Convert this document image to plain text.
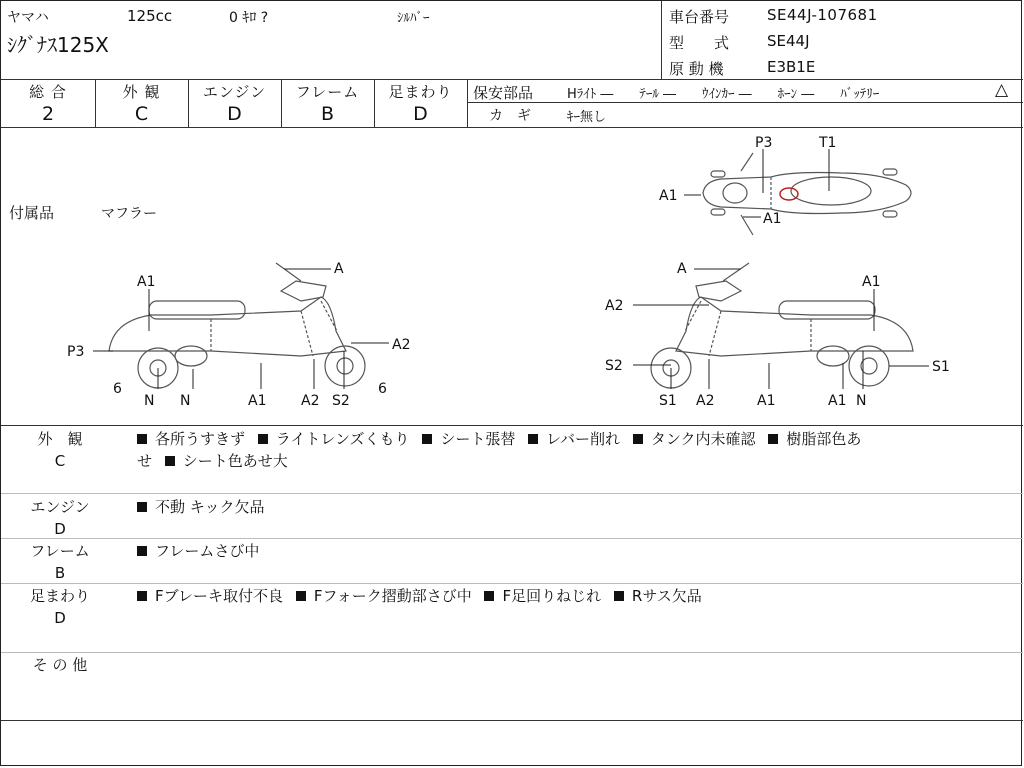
ヤマハ	125cc	0 ｷﾛ ?	ｼﾙﾊﾞｰ
ｼｸﾞﾅｽ125X
車台番号	SE44J-107681
型　　式	SE44J
原 動 機	E3B1E
総 合
2
外 観
C
エンジン
D
フレーム
B
足まわり
D
保安部品	Hﾗｲﾄ ―　　ﾃｰﾙ ―　　ｳｲﾝｶｰ ―　　ﾎｰﾝ ―　　ﾊﾞｯﾃﾘｰ	△
カ　ギ	ｷｰ無し
付属品	マフラー
P3	T1
A1
A1
A1
A
P3	A2
6	6
N N	A1 A2 S2
A
A1
A2
S2	S1
S1 A2	A1	A1 N
外　観
C
各所うすきず ライトレンズくもり シート張替 レバー削れ タンク内未確認 樹脂部色あ
せ シート色あせ大
エンジン
D
不動 キック欠品
フレーム
B
フレームさび中
足まわり
D
Fブレーキ取付不良 Fフォーク摺動部さび中 F足回りねじれ Rサス欠品
そ の 他
